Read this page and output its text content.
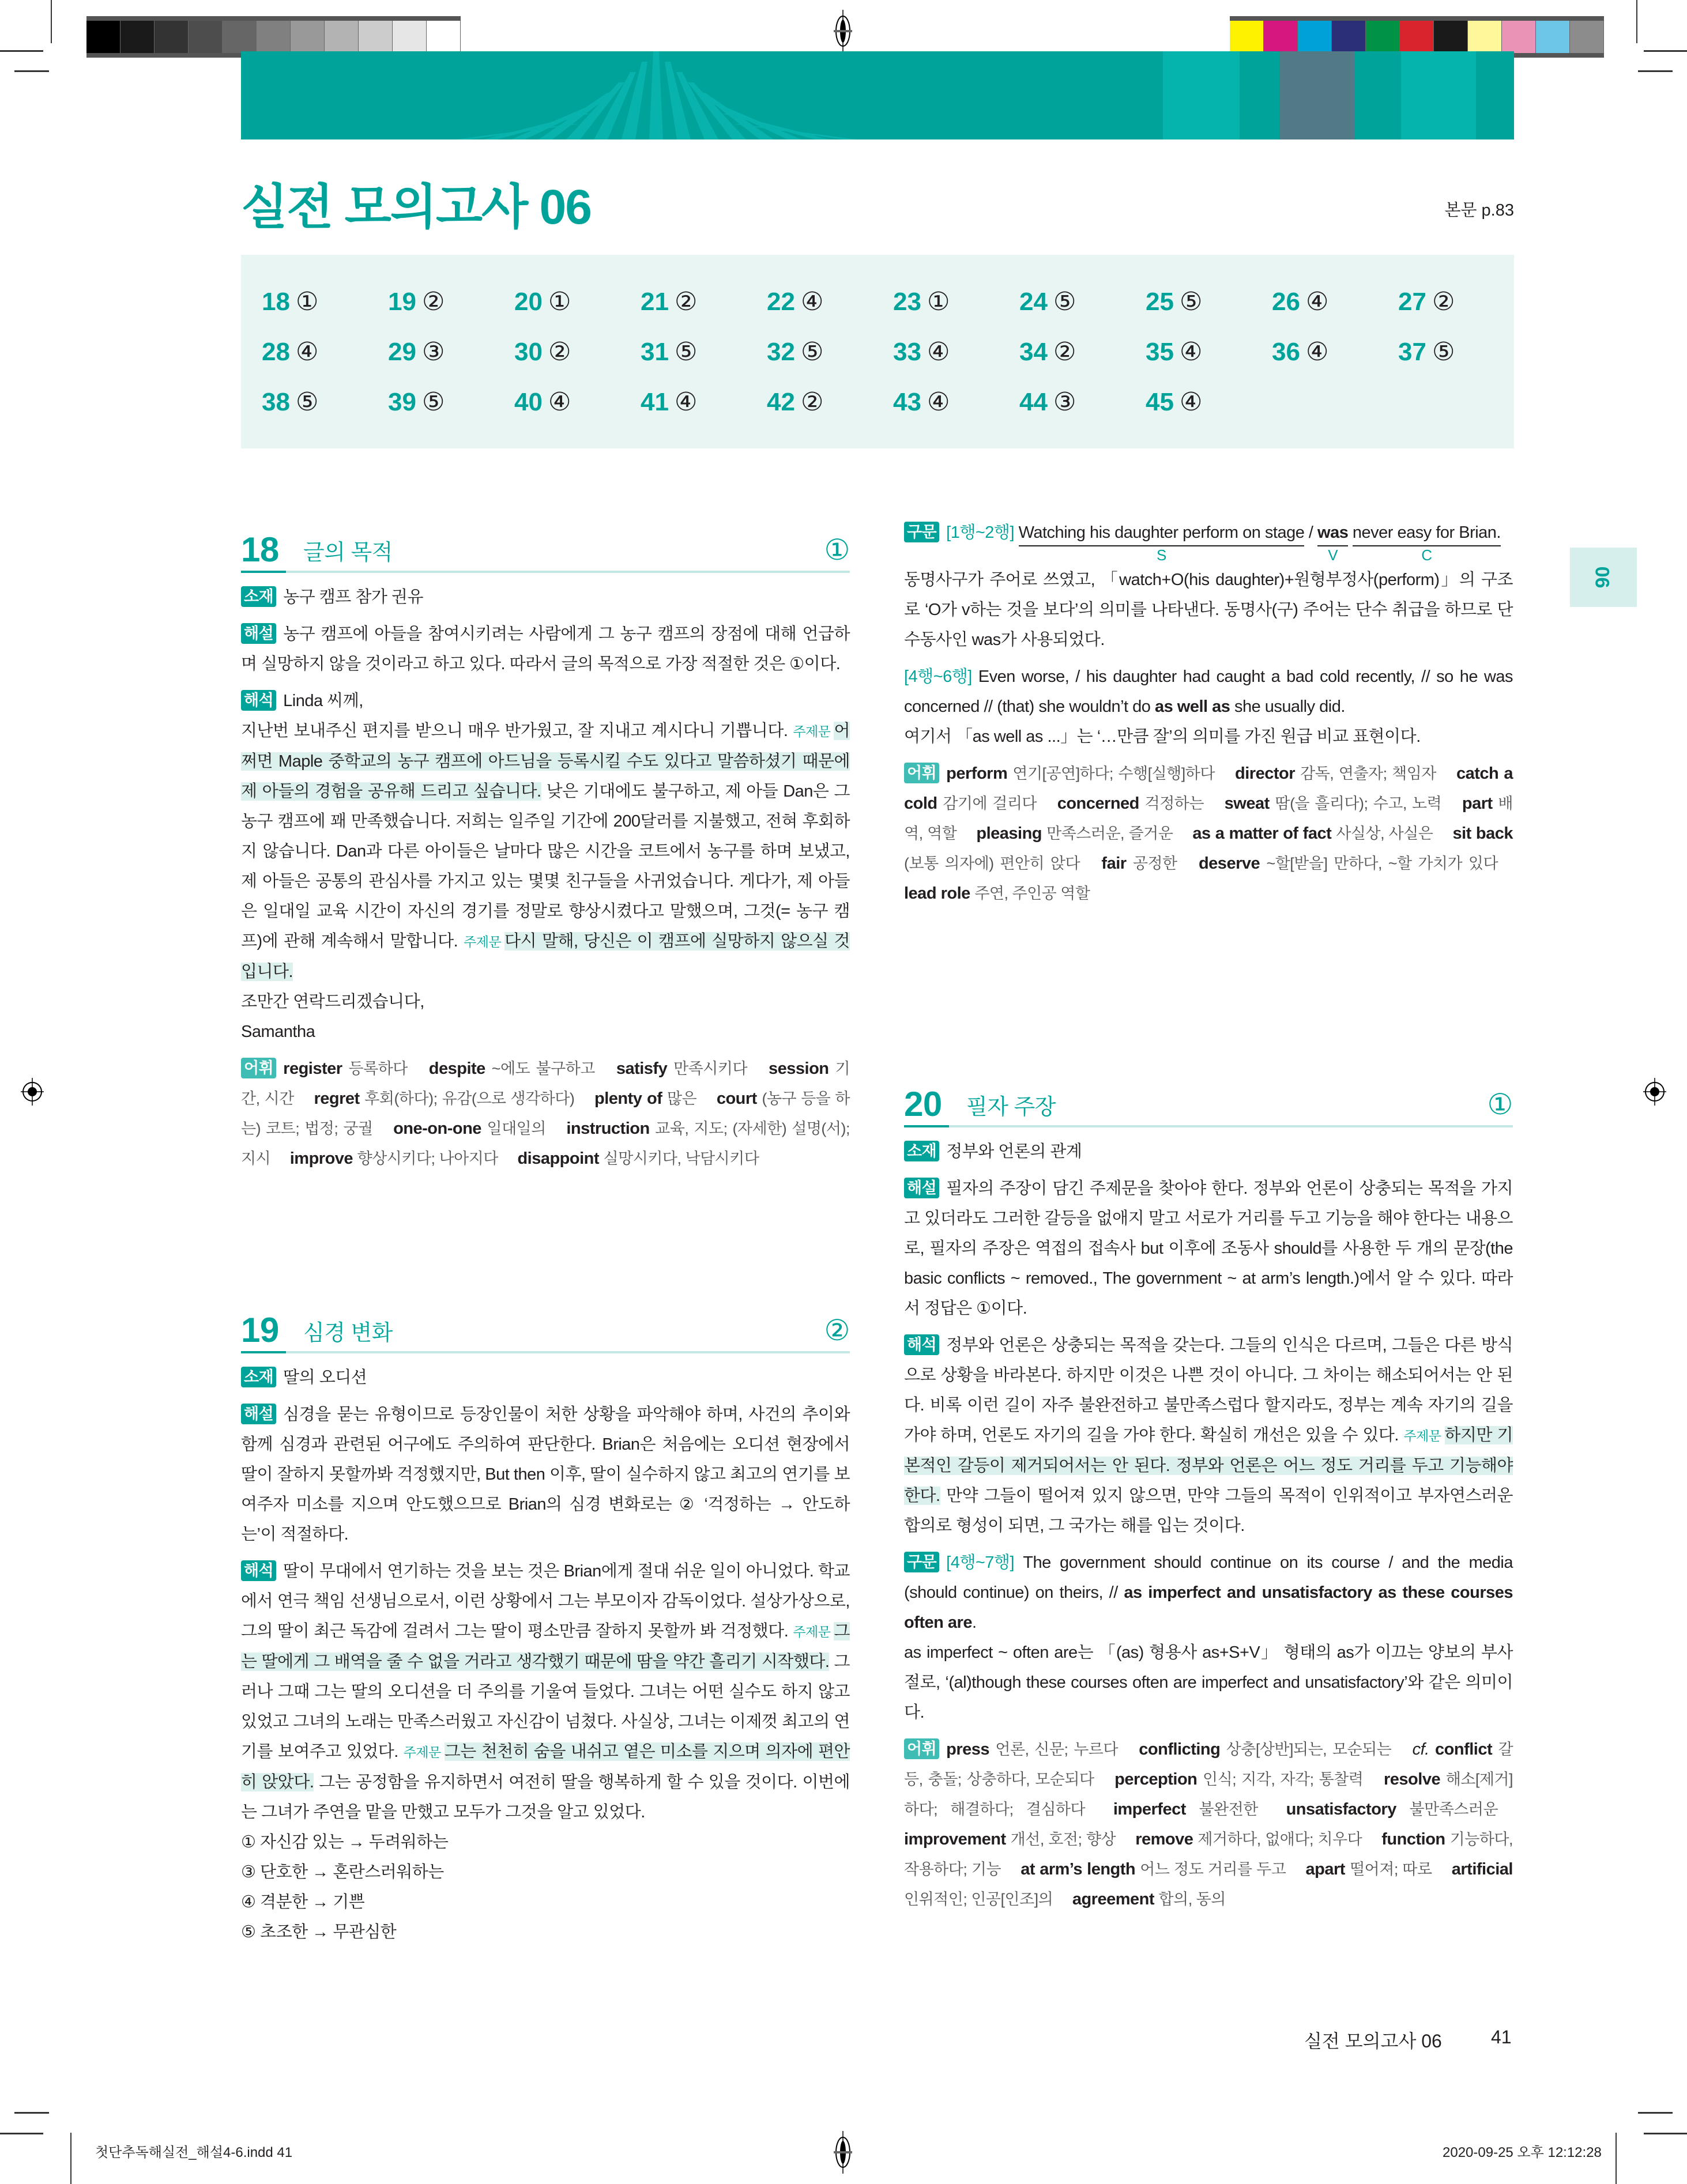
실전 모의고사 06	본문 p.83
18 ①	19 ②	20 ①	21 ②	22 ④	23 ①	24 ⑤	25 ⑤	26 ④	27 ②
28 ④	29 ③	30 ②	31 ⑤	32 ⑤	33 ④	34 ②	35 ④	36 ④	37 ⑤
38 ⑤	39 ⑤	40 ④	41 ④	42 ②	43 ④	44 ③	45 ④
06
18 글의 목적	①

소재 농구 캠프 참가 권유

해설 농구 캠프에 아들을 참여시키려는 사람에게 그 농구 캠프의 장점에 대해 언급하며 실망하지 않을 것이라고 하고 있다. 따라서 글의 목적으로 가장 적절한 것은 ①이다.

해석 Linda 씨께,

지난번 보내주신 편지를 받으니 매우 반가웠고, 잘 지내고 계시다니 기쁩니다. 주제문 어쩌면 Maple 중학교의 농구 캠프에 아드님을 등록시킬 수도 있다고 말씀하셨기 때문에 제 아들의 경험을 공유해 드리고 싶습니다. 낮은 기대에도 불구하고, 제 아들 Dan은 그 농구 캠프에 꽤 만족했습니다. 저희는 일주일 기간에 200달러를 지불했고, 전혀 후회하지 않습니다. Dan과 다른 아이들은 날마다 많은 시간을 코트에서 농구를 하며 보냈고, 제 아들은 공통의 관심사를 가지고 있는 몇몇 친구들을 사귀었습니다. 게다가, 제 아들은 일대일 교육 시간이 자신의 경기를 정말로 향상시켰다고 말했으며, 그것(= 농구 캠프)에 관해 계속해서 말합니다. 주제문 다시 말해, 당신은 이 캠프에 실망하지 않으실 것입니다.

조만간 연락드리겠습니다,

Samantha

어휘 register 등록하다 despite ~에도 불구하고 satisfy 만족시키다 session 기간, 시간 regret 후회(하다); 유감(으로 생각하다) plenty of 많은 court (농구 등을 하는) 코트; 법정; 궁궐 one-on-one 일대일의 instruction 교육, 지도; (자세한) 설명(서); 지시 improve 향상시키다; 나아지다 disappoint 실망시키다, 낙담시키다

19 심경 변화	②

소재 딸의 오디션

해설 심경을 묻는 유형이므로 등장인물이 처한 상황을 파악해야 하며, 사건의 추이와 함께 심경과 관련된 어구에도 주의하여 판단한다. Brian은 처음에는 오디션 현장에서 딸이 잘하지 못할까봐 걱정했지만, But then 이후, 딸이 실수하지 않고 최고의 연기를 보여주자 미소를 지으며 안도했으므로 Brian의 심경 변화로는 ② ‘걱정하는 → 안도하는’이 적절하다.

해석 딸이 무대에서 연기하는 것을 보는 것은 Brian에게 절대 쉬운 일이 아니었다. 학교에서 연극 책임 선생님으로서, 이런 상황에서 그는 부모이자 감독이었다. 설상가상으로, 그의 딸이 최근 독감에 걸려서 그는 딸이 평소만큼 잘하지 못할까 봐 걱정했다. 주제문 그는 딸에게 그 배역을 줄 수 없을 거라고 생각했기 때문에 땀을 약간 흘리기 시작했다. 그러나 그때 그는 딸의 오디션을 더 주의를 기울여 들었다. 그녀는 어떤 실수도 하지 않고 있었고 그녀의 노래는 만족스러웠고 자신감이 넘쳤다. 사실상, 그녀는 이제껏 최고의 연기를 보여주고 있었다. 주제문 그는 천천히 숨을 내쉬고 옅은 미소를 지으며 의자에 편안히 앉았다. 그는 공정함을 유지하면서 여전히 딸을 행복하게 할 수 있을 것이다. 이번에는 그녀가 주연을 맡을 만했고 모두가 그것을 알고 있었다.

① 자신감 있는 → 두려워하는

③ 단호한 → 혼란스러워하는

④ 격분한 → 기쁜

⑤ 초조한 → 무관심한

구문 [1행~2행] Watching his daughter perform on stage
S
/ was
V
never easy for Brian.
C

동명사구가 주어로 쓰였고, 「watch+O(his daughter)+원형부정사(perform)」의 구조로 ‘O가 v하는 것을 보다’의 의미를 나타낸다. 동명사(구) 주어는 단수 취급을 하므로 단수동사인 was가 사용되었다.

[4행~6행] Even worse, / his daughter had caught a bad cold recently, // so he was concerned // (that) she wouldn’t do as well as she usually did.

여기서 「as well as ...」는 ‘…만큼 잘’의 의미를 가진 원급 비교 표현이다.

어휘 perform 연기[공연]하다; 수행[실행]하다 director 감독, 연출자; 책임자 catch a cold 감기에 걸리다 concerned 걱정하는 sweat 땀(을 흘리다); 수고, 노력 part 배역, 역할 pleasing 만족스러운, 즐거운 as a matter of fact 사실상, 사실은 sit back (보통 의자에) 편안히 앉다 fair 공정한 deserve ~할[받을] 만하다, ~할 가치가 있다 lead role 주연, 주인공 역할

20 필자 주장	①

소재 정부와 언론의 관계

해설 필자의 주장이 담긴 주제문을 찾아야 한다. 정부와 언론이 상충되는 목적을 가지고 있더라도 그러한 갈등을 없애지 말고 서로가 거리를 두고 기능을 해야 한다는 내용으로, 필자의 주장은 역접의 접속사 but 이후에 조동사 should를 사용한 두 개의 문장(the basic conflicts ~ removed., The government ~ at arm’s length.)에서 알 수 있다. 따라서 정답은 ①이다.

해석 정부와 언론은 상충되는 목적을 갖는다. 그들의 인식은 다르며, 그들은 다른 방식으로 상황을 바라본다. 하지만 이것은 나쁜 것이 아니다. 그 차이는 해소되어서는 안 된다. 비록 이런 길이 자주 불완전하고 불만족스럽다 할지라도, 정부는 계속 자기의 길을 가야 하며, 언론도 자기의 길을 가야 한다. 확실히 개선은 있을 수 있다. 주제문 하지만 기본적인 갈등이 제거되어서는 안 된다. 정부와 언론은 어느 정도 거리를 두고 기능해야 한다. 만약 그들이 떨어져 있지 않으면, 만약 그들의 목적이 인위적이고 부자연스러운 합의로 형성이 되면, 그 국가는 해를 입는 것이다.

구문 [4행~7행] The government should continue on its course / and the media (should continue) on theirs, // as imperfect and unsatisfactory as these courses often are.

as imperfect ~ often are는 「(as) 형용사 as+S+V」 형태의 as가 이끄는 양보의 부사절로, ‘(al)though these courses often are imperfect and unsatisfactory’와 같은 의미이다.

어휘 press 언론, 신문; 누르다 conflicting 상충[상반]되는, 모순되는 cf. conflict 갈등, 충돌; 상충하다, 모순되다 perception 인식; 지각, 자각; 통찰력 resolve 해소[제거]하다; 해결하다; 결심하다 imperfect 불완전한 unsatisfactory 불만족스러운 improvement 개선, 호전; 향상 remove 제거하다, 없애다; 치우다 function 기능하다, 작용하다; 기능 at arm’s length 어느 정도 거리를 두고 apart 떨어져; 따로 artificial 인위적인; 인공[인조]의 agreement 합의, 동의

실전 모의고사 06	41
첫단추독해실전_해설4-6.indd 41	2020-09-25 오후 12:12:28
